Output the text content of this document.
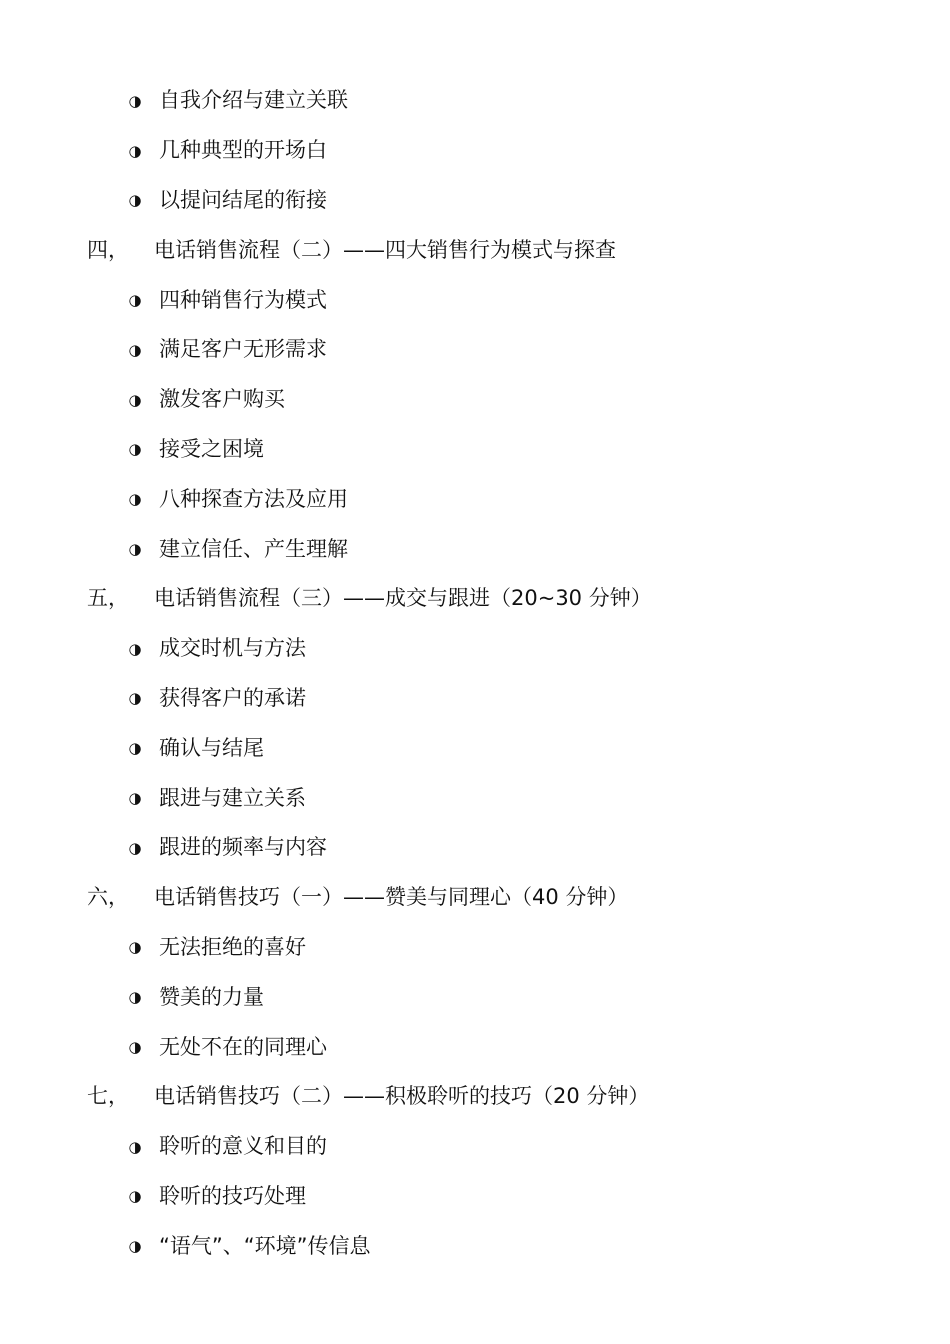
◑ 自我介绍与建立关联
◑ 几种典型的开场白
◑ 以提问结尾的衔接
四，	电话销售流程（二）——四大销售行为模式与探查
◑ 四种销售行为模式
◑ 满足客户无形需求
◑ 激发客户购买
◑ 接受之困境
◑ 八种探查方法及应用
◑ 建立信任、产生理解
五，	电话销售流程（三）——成交与跟进（20~30 分钟）
◑ 成交时机与方法
◑ 获得客户的承诺
◑ 确认与结尾
◑ 跟进与建立关系
◑ 跟进的频率与内容
六，	电话销售技巧（一）——赞美与同理心（40 分钟）
◑ 无法拒绝的喜好
◑ 赞美的力量
◑ 无处不在的同理心
七，	电话销售技巧（二）——积极聆听的技巧（20 分钟）
◑ 聆听的意义和目的
◑ 聆听的技巧处理
◑ “语气”、“环境”传信息
